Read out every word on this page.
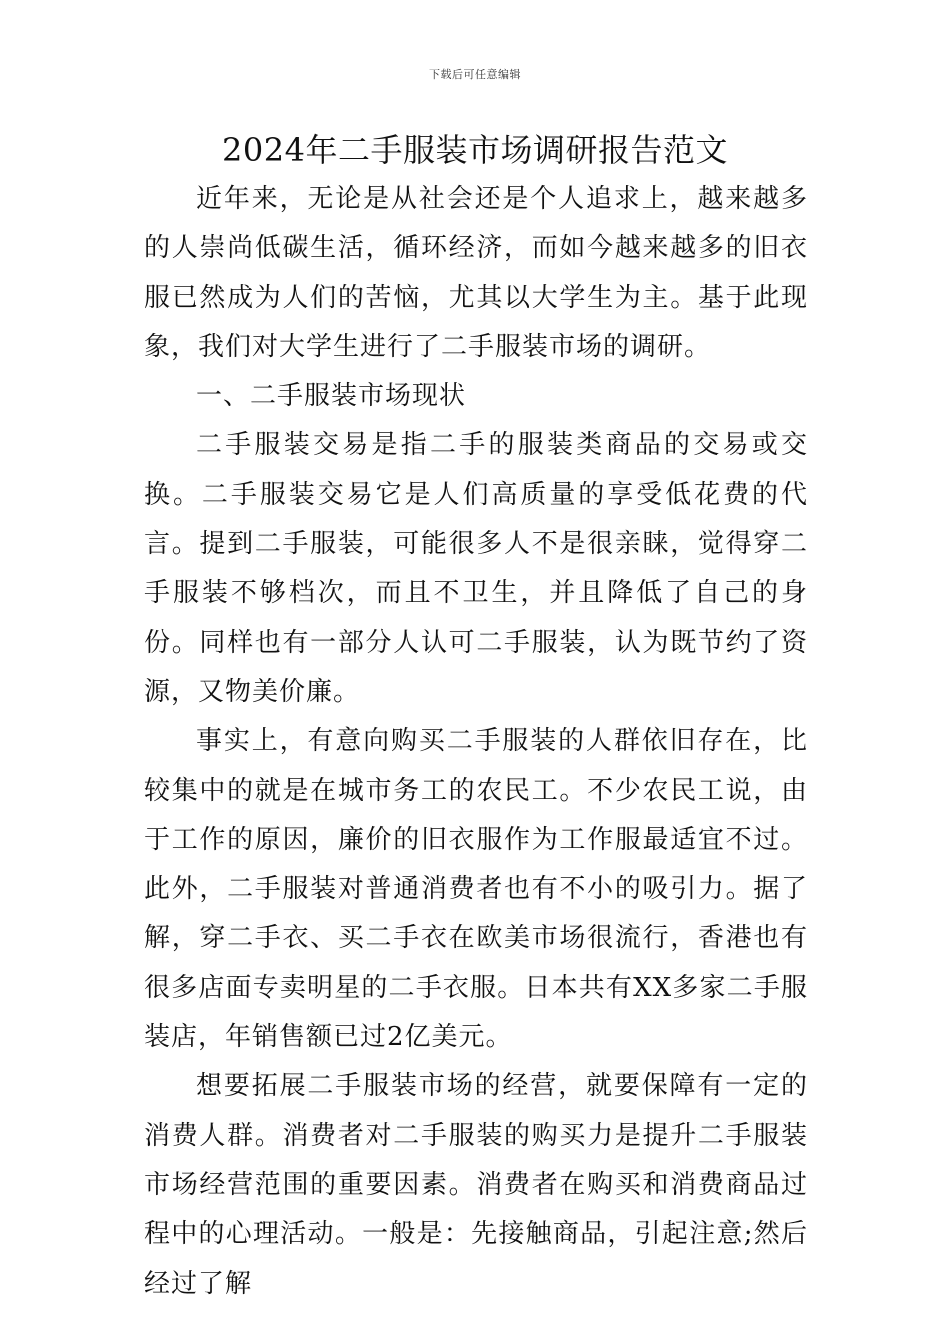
下载后可任意编辑
2024年二手服装市场调研报告范文

近年来，无论是从社会还是个人追求上，越来越多的人崇尚低碳生活，循环经济，而如今越来越多的旧衣服已然成为人们的苦恼，尤其以大学生为主。基于此现象，我们对大学生进行了二手服装市场的调研。

一、二手服装市场现状

二手服装交易是指二手的服装类商品的交易或交换。二手服装交易它是人们高质量的享受低花费的代言。提到二手服装，可能很多人不是很亲睐，觉得穿二手服装不够档次，而且不卫生，并且降低了自己的身份。同样也有一部分人认可二手服装，认为既节约了资源，又物美价廉。

事实上，有意向购买二手服装的人群依旧存在，比较集中的就是在城市务工的农民工。不少农民工说，由于工作的原因，廉价的旧衣服作为工作服最适宜不过。此外，二手服装对普通消费者也有不小的吸引力。据了解，穿二手衣、买二手衣在欧美市场很流行，香港也有很多店面专卖明星的二手衣服。日本共有XX多家二手服装店，年销售额已过2亿美元。

想要拓展二手服装市场的经营，就要保障有一定的消费人群。消费者对二手服装的购买力是提升二手服装市场经营范围的重要因素。消费者在购买和消费商品过程中的心理活动。一般是：先接触商品，引起注意;然后经过了解
